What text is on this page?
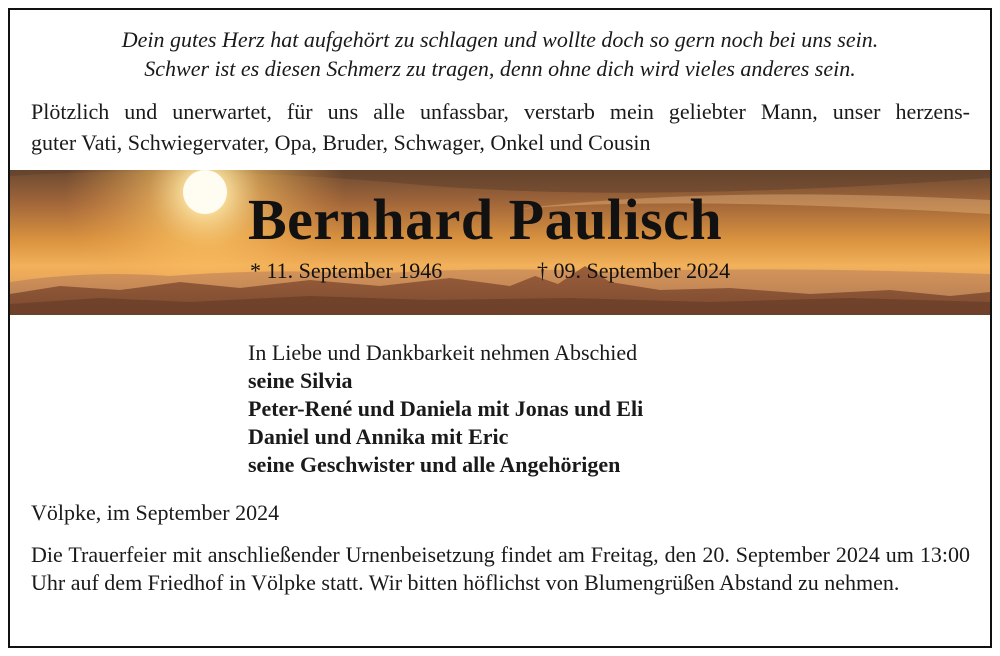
Dein gutes Herz hat aufgehört zu schlagen und wollte doch so gern noch bei uns sein.
Schwer ist es diesen Schmerz zu tragen, denn ohne dich wird vieles anderes sein.
Plötzlich und unerwartet, für uns alle unfassbar, verstarb mein geliebter Mann, unser herzens-
guter Vati, Schwiegervater, Opa, Bruder, Schwager, Onkel und Cousin
Bernhard Paulisch
* 11. September 1946	† 09. September 2024
In Liebe und Dankbarkeit nehmen Abschied
seine Silvia
Peter-René und Daniela mit Jonas und Eli
Daniel und Annika mit Eric
seine Geschwister und alle Angehörigen
Völpke, im September 2024
Die Trauerfeier mit anschließender Urnenbeisetzung findet am Freitag, den 20. September 2024 um 13:00 Uhr auf dem Friedhof in Völpke statt. Wir bitten höflichst von Blumengrüßen Abstand zu nehmen.
